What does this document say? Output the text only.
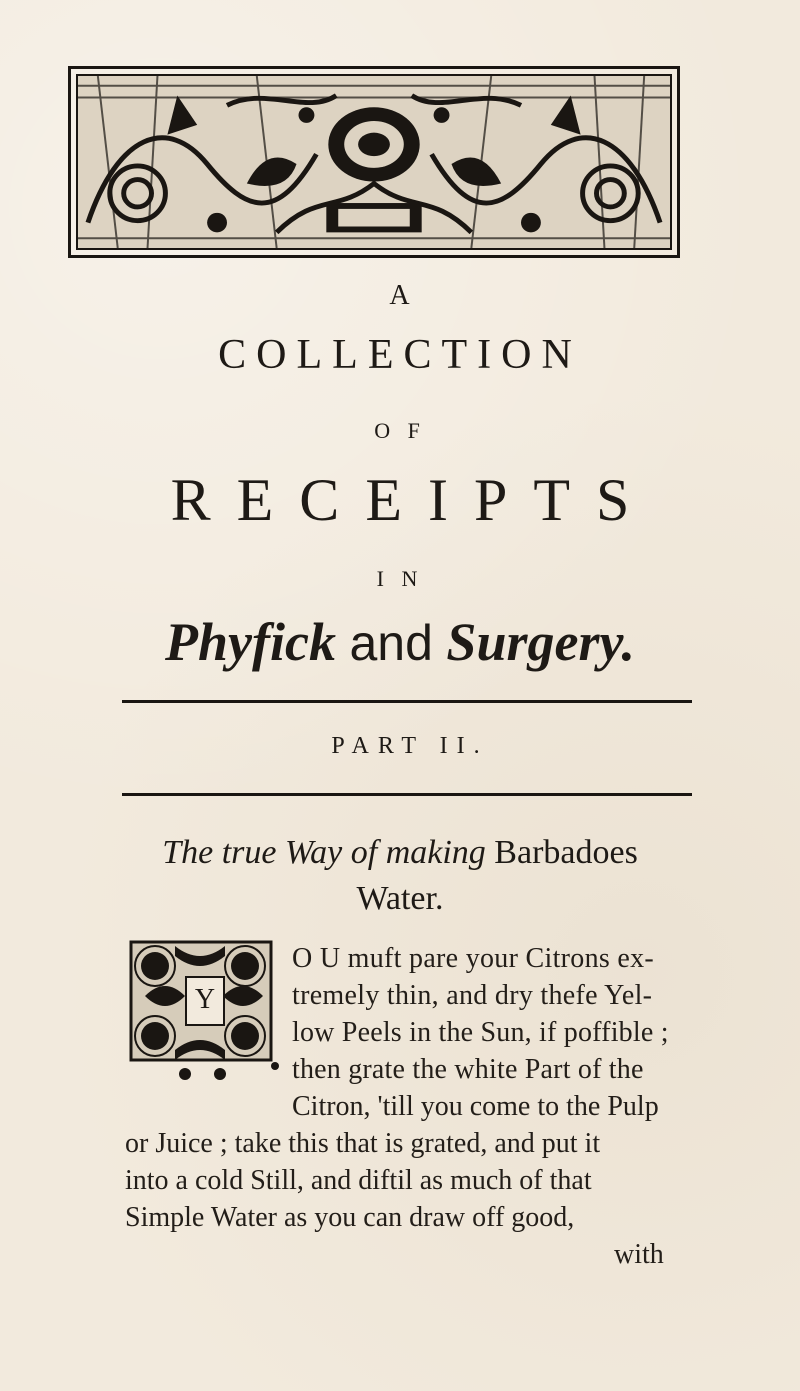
A
COLLECTION
O F
RECEIPTS
I N
Phyfick and Surgery.
PART II.
The true Way of making Barbadoes
Water.
Y
O U muft pare your Citrons ex-
tremely thin, and dry thefe Yel-
low Peels in the Sun, if poffible ;
then grate the white Part of the
Citron, 'till you come to the Pulp
or Juice ; take this that is grated, and put it
into a cold Still, and diftil as much of that
Simple Water as you can draw off good,
with
